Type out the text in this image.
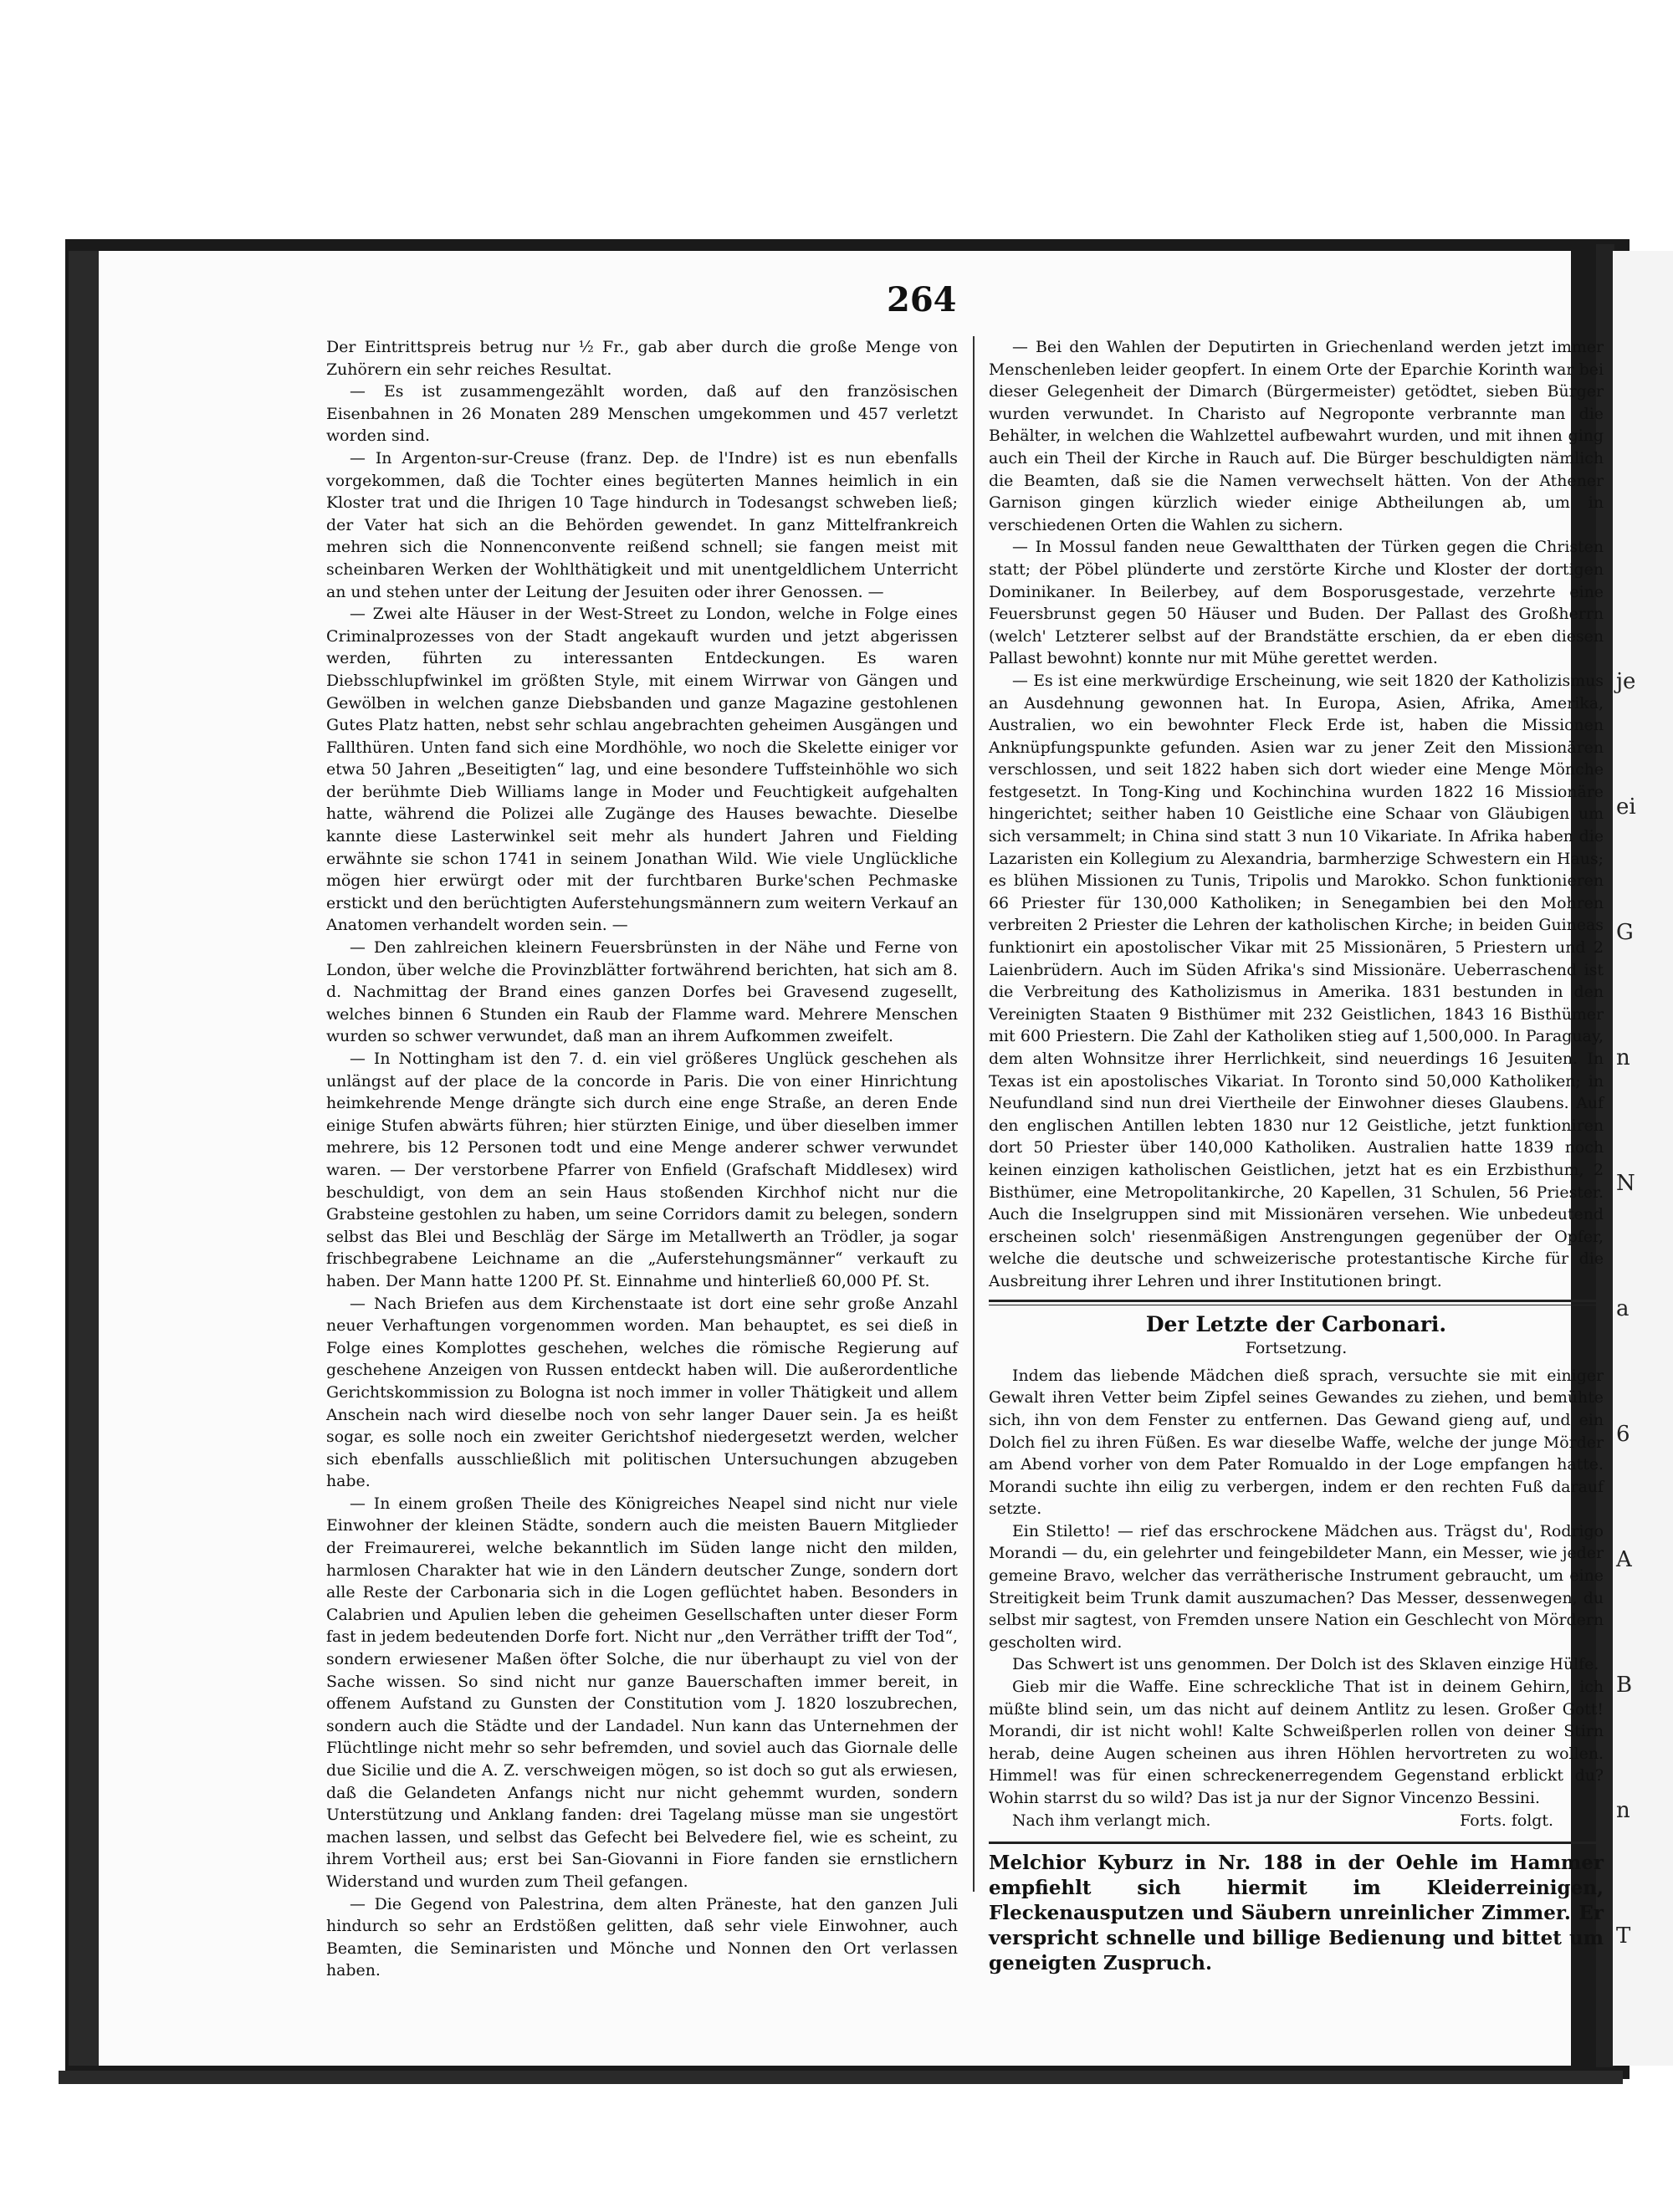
je
ei
G
n
N
a
6
A
B
n
T
264

Der Eintrittspreis betrug nur ½ Fr., gab aber durch die große Menge von Zuhörern ein sehr reiches Resultat.

— Es ist zusammengezählt worden, daß auf den französischen Eisenbahnen in 26 Monaten 289 Menschen umgekommen und 457 verletzt worden sind.

— In Argenton-sur-Creuse (franz. Dep. de l'Indre) ist es nun ebenfalls vorgekommen, daß die Tochter eines begüterten Mannes heimlich in ein Kloster trat und die Ihrigen 10 Tage hindurch in Todesangst schweben ließ; der Vater hat sich an die Behörden gewendet. In ganz Mittelfrankreich mehren sich die Nonnenconvente reißend schnell; sie fangen meist mit scheinbaren Werken der Wohlthätigkeit und mit unentgeldlichem Unterricht an und stehen unter der Leitung der Jesuiten oder ihrer Genossen. —

— Zwei alte Häuser in der West-Street zu London, welche in Folge eines Criminalprozesses von der Stadt angekauft wurden und jetzt abgerissen werden, führten zu interessanten Entdeckungen. Es waren Diebsschlupfwinkel im größten Style, mit einem Wirrwar von Gängen und Gewölben in welchen ganze Diebsbanden und ganze Magazine gestohlenen Gutes Platz hatten, nebst sehr schlau angebrachten geheimen Ausgängen und Fallthüren. Unten fand sich eine Mordhöhle, wo noch die Skelette einiger vor etwa 50 Jahren „Beseitigten“ lag, und eine besondere Tuffsteinhöhle wo sich der berühmte Dieb Williams lange in Moder und Feuchtigkeit aufgehalten hatte, während die Polizei alle Zugänge des Hauses bewachte. Dieselbe kannte diese Lasterwinkel seit mehr als hundert Jahren und Fielding erwähnte sie schon 1741 in seinem Jonathan Wild. Wie viele Unglückliche mögen hier erwürgt oder mit der furchtbaren Burke'schen Pechmaske erstickt und den berüchtigten Auferstehungsmännern zum weitern Verkauf an Anatomen verhandelt worden sein. —

— Den zahlreichen kleinern Feuersbrünsten in der Nähe und Ferne von London, über welche die Provinzblätter fortwährend berichten, hat sich am 8. d. Nachmittag der Brand eines ganzen Dorfes bei Gravesend zugesellt, welches binnen 6 Stunden ein Raub der Flamme ward. Mehrere Menschen wurden so schwer verwundet, daß man an ihrem Aufkommen zweifelt.

— In Nottingham ist den 7. d. ein viel größeres Unglück geschehen als unlängst auf der place de la concorde in Paris. Die von einer Hinrichtung heimkehrende Menge drängte sich durch eine enge Straße, an deren Ende einige Stufen abwärts führen; hier stürzten Einige, und über dieselben immer mehrere, bis 12 Personen todt und eine Menge anderer schwer verwundet waren. — Der verstorbene Pfarrer von Enfield (Grafschaft Middlesex) wird beschuldigt, von dem an sein Haus stoßenden Kirchhof nicht nur die Grabsteine gestohlen zu haben, um seine Corridors damit zu belegen, sondern selbst das Blei und Beschläg der Särge im Metallwerth an Trödler, ja sogar frischbegrabene Leichname an die „Auferstehungsmänner“ verkauft zu haben. Der Mann hatte 1200 Pf. St. Einnahme und hinterließ 60,000 Pf. St.

— Nach Briefen aus dem Kirchenstaate ist dort eine sehr große Anzahl neuer Verhaftungen vorgenommen worden. Man behauptet, es sei dieß in Folge eines Komplottes geschehen, welches die römische Regierung auf geschehene Anzeigen von Russen entdeckt haben will. Die außerordentliche Gerichtskommission zu Bologna ist noch immer in voller Thätigkeit und allem Anschein nach wird dieselbe noch von sehr langer Dauer sein. Ja es heißt sogar, es solle noch ein zweiter Gerichtshof niedergesetzt werden, welcher sich ebenfalls ausschließlich mit politischen Untersuchungen abzugeben habe.

— In einem großen Theile des Königreiches Neapel sind nicht nur viele Einwohner der kleinen Städte, sondern auch die meisten Bauern Mitglieder der Freimaurerei, welche bekanntlich im Süden lange nicht den milden, harmlosen Charakter hat wie in den Ländern deutscher Zunge, sondern dort alle Reste der Carbonaria sich in die Logen geflüchtet haben. Besonders in Calabrien und Apulien leben die geheimen Gesellschaften unter dieser Form fast in jedem bedeutenden Dorfe fort. Nicht nur „den Verräther trifft der Tod“, sondern erwiesener Maßen öfter Solche, die nur überhaupt zu viel von der Sache wissen. So sind nicht nur ganze Bauerschaften immer bereit, in offenem Aufstand zu Gunsten der Constitution vom J. 1820 loszubrechen, sondern auch die Städte und der Landadel. Nun kann das Unternehmen der Flüchtlinge nicht mehr so sehr befremden, und soviel auch das Giornale delle due Sicilie und die A. Z. verschweigen mögen, so ist doch so gut als erwiesen, daß die Gelandeten Anfangs nicht nur nicht gehemmt wurden, sondern Unterstützung und Anklang fanden: drei Tagelang müsse man sie ungestört machen lassen, und selbst das Gefecht bei Belvedere fiel, wie es scheint, zu ihrem Vortheil aus; erst bei San-Giovanni in Fiore fanden sie ernstlichern Widerstand und wurden zum Theil gefangen.

— Die Gegend von Palestrina, dem alten Präneste, hat den ganzen Juli hindurch so sehr an Erdstößen gelitten, daß sehr viele Einwohner, auch Beamten, die Seminaristen und Mönche und Nonnen den Ort verlassen haben.

— Bei den Wahlen der Deputirten in Griechenland werden jetzt immer Menschenleben leider geopfert. In einem Orte der Eparchie Korinth war bei dieser Gelegenheit der Dimarch (Bürgermeister) getödtet, sieben Bürger wurden verwundet. In Charisto auf Negroponte verbrannte man die Behälter, in welchen die Wahlzettel aufbewahrt wurden, und mit ihnen ging auch ein Theil der Kirche in Rauch auf. Die Bürger beschuldigten nämlich die Beamten, daß sie die Namen verwechselt hätten. Von der Athener Garnison gingen kürzlich wieder einige Abtheilungen ab, um in verschiedenen Orten die Wahlen zu sichern.

— In Mossul fanden neue Gewaltthaten der Türken gegen die Christen statt; der Pöbel plünderte und zerstörte Kirche und Kloster der dortigen Dominikaner. In Beilerbey, auf dem Bosporusgestade, verzehrte eine Feuersbrunst gegen 50 Häuser und Buden. Der Pallast des Großherrn (welch' Letzterer selbst auf der Brandstätte erschien, da er eben diesen Pallast bewohnt) konnte nur mit Mühe gerettet werden.

— Es ist eine merkwürdige Erscheinung, wie seit 1820 der Katholizismus an Ausdehnung gewonnen hat. In Europa, Asien, Afrika, Amerika, Australien, wo ein bewohnter Fleck Erde ist, haben die Missionen Anknüpfungspunkte gefunden. Asien war zu jener Zeit den Missionären verschlossen, und seit 1822 haben sich dort wieder eine Menge Mönche festgesetzt. In Tong-King und Kochinchina wurden 1822 16 Missionäre hingerichtet; seither haben 10 Geistliche eine Schaar von Gläubigen um sich versammelt; in China sind statt 3 nun 10 Vikariate. In Afrika haben die Lazaristen ein Kollegium zu Alexandria, barmherzige Schwestern ein Haus; es blühen Missionen zu Tunis, Tripolis und Marokko. Schon funktionieren 66 Priester für 130,000 Katholiken; in Senegambien bei den Mohren verbreiten 2 Priester die Lehren der katholischen Kirche; in beiden Guineas funktionirt ein apostolischer Vikar mit 25 Missionären, 5 Priestern und 2 Laienbrüdern. Auch im Süden Afrika's sind Missionäre. Ueberraschend ist die Verbreitung des Katholizismus in Amerika. 1831 bestunden in den Vereinigten Staaten 9 Bisthümer mit 232 Geistlichen, 1843 16 Bisthümer mit 600 Priestern. Die Zahl der Katholiken stieg auf 1,500,000. In Paraguay, dem alten Wohnsitze ihrer Herrlichkeit, sind neuerdings 16 Jesuiten. In Texas ist ein apostolisches Vikariat. In Toronto sind 50,000 Katholiken; in Neufundland sind nun drei Viertheile der Einwohner dieses Glaubens. Auf den englischen Antillen lebten 1830 nur 12 Geistliche, jetzt funktioniren dort 50 Priester über 140,000 Katholiken. Australien hatte 1839 noch keinen einzigen katholischen Geistlichen, jetzt hat es ein Erzbisthum, 2 Bisthümer, eine Metropolitankirche, 20 Kapellen, 31 Schulen, 56 Priester. Auch die Inselgruppen sind mit Missionären versehen. Wie unbedeutend erscheinen solch' riesenmäßigen Anstrengungen gegenüber der Opfer, welche die deutsche und schweizerische protestantische Kirche für die Ausbreitung ihrer Lehren und ihrer Institutionen bringt.

Der Letzte der Carbonari.
Fortsetzung.

Indem das liebende Mädchen dieß sprach, versuchte sie mit einiger Gewalt ihren Vetter beim Zipfel seines Gewandes zu ziehen, und bemühte sich, ihn von dem Fenster zu entfernen. Das Gewand gieng auf, und ein Dolch fiel zu ihren Füßen. Es war dieselbe Waffe, welche der junge Mörder am Abend vorher von dem Pater Romualdo in der Loge empfangen hatte. Morandi suchte ihn eilig zu verbergen, indem er den rechten Fuß darauf setzte.

Ein Stiletto! — rief das erschrockene Mädchen aus. Trägst du', Rodrigo Morandi — du, ein gelehrter und feingebildeter Mann, ein Messer, wie jeder gemeine Bravo, welcher das verrätherische Instrument gebraucht, um eine Streitigkeit beim Trunk damit auszumachen? Das Messer, dessenwegen, du selbst mir sagtest, von Fremden unsere Nation ein Geschlecht von Mördern gescholten wird.

Das Schwert ist uns genommen. Der Dolch ist des Sklaven einzige Hülfe.

Gieb mir die Waffe. Eine schreckliche That ist in deinem Gehirn, ich müßte blind sein, um das nicht auf deinem Antlitz zu lesen. Großer Gott! Morandi, dir ist nicht wohl! Kalte Schweißperlen rollen von deiner Stirn herab, deine Augen scheinen aus ihren Höhlen hervortreten zu wollen. Himmel! was für einen schreckenerregendem Gegenstand erblickt du? Wohin starrst du so wild? Das ist ja nur der Signor Vincenzo Bessini.

Nach ihm verlangt mich.	Forts. folgt.
Melchior Kyburz in Nr. 188 in der Oehle im Hammer empfiehlt sich hiermit im Kleiderreinigen, Fleckenausputzen und Säubern unreinlicher Zimmer. Er verspricht schnelle und billige Bedienung und bittet um geneigten Zuspruch.
